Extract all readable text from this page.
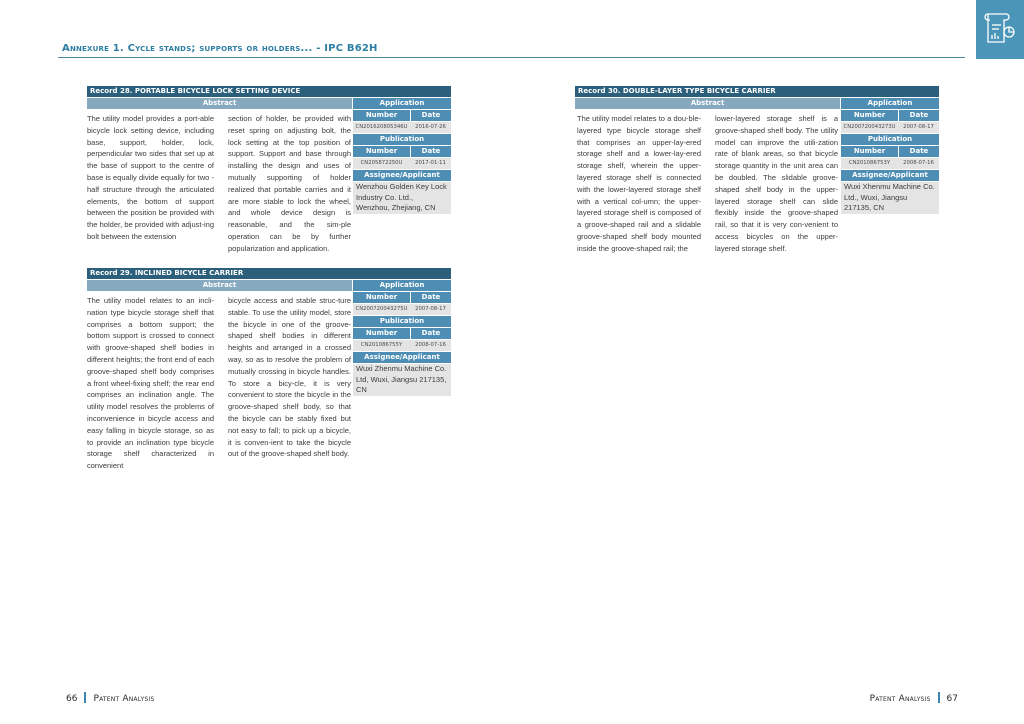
Annexure 1. Cycle stands; supports or holders... - IPC B62H
Record 28. PORTABLE BICYCLE LOCK SETTING DEVICE
Abstract	Application
The utility model provides a port-able bicycle lock setting device, including base, support, holder, lock, perpendicular two sides that set up at the base of support to the centre of base is equally divide equally for two -half structure through the articulated elements, the bottom of support between the position be provided with the holder, be provided with adjust-ing bolt between the extension
section of holder, be provided with reset spring on adjusting bolt, the lock setting at the top position of support. Support and base through installing the design and uses of mutually supporting of holder realized that portable carries and it are more stable to lock the wheel, and whole device design is reasonable, and the sim-ple operation can be by further popularization and application.
Number	Date
CN201620805346U	2016-07-26
Publication
Number	Date
CN205872250U	2017-01-11
Assignee/Applicant
Wenzhou Golden Key Lock Industry Co. Ltd., Wenzhou, Zhejiang, CN
Record 29. INCLINED BICYCLE CARRIER
Abstract	Application
The utility model relates to an incli-nation type bicycle storage shelf that comprises a bottom support; the bottom support is crossed to connect with groove-shaped shelf bodies in different heights; the front end of each groove-shaped shelf body comprises a front wheel-fixing shelf; the rear end comprises an inclination angle. The utility model resolves the problems of inconvenience in bicycle access and easy falling in bicycle storage, so as to provide an inclination type bicycle storage shelf characterized in convenient
bicycle access and stable struc-ture stable. To use the utility model, store the bicycle in one of the groove-shaped shelf bodies in different heights and arranged in a crossed way, so as to resolve the problem of mutually crossing in bicycle handles. To store a bicy-cle, it is very convenient to store the bicycle in the groove-shaped shelf body, so that the bicycle can be stably fixed but not easy to fall; to pick up a bicycle, it is conven-ient to take the bicycle out of the groove-shaped shelf body.
Number	Date
CN200720043275U	2007-08-17
Publication
Number	Date
CN201086755Y	2008-07-16
Assignee/Applicant
Wuxi Zhenmu Machine Co. Ltd, Wuxi, Jiangsu 217135, CN
Record 30. DOUBLE-LAYER TYPE BICYCLE CARRIER
Abstract	Application
The utility model relates to a dou-ble-layered type bicycle storage shelf that comprises an upper-lay-ered storage shelf and a lower-lay-ered storage shelf, wherein the upper-layered storage shelf is connected with the lower-layered storage shelf with a vertical col-umn; the upper-layered storage shelf is composed of a groove-shaped rail and a slidable groove-shaped shelf body mounted inside the groove-shaped rail; the
lower-layered storage shelf is a groove-shaped shelf body. The utility model can improve the utili-zation rate of blank areas, so that bicycle storage quantity in the unit area can be doubled. The slidable groove-shaped shelf body in the upper-layered storage shelf can slide flexibly inside the groove-shaped rail, so that it is very con-venient to access bicycles on the upper-layered storage shelf.
Number	Date
CN200720043273U	2007-08-17
Publication
Number	Date
CN201086753Y	2008-07-16
Assignee/Applicant
Wuxi Xhenmu Machine Co. Ltd., Wuxi, Jiangsu 217135, CN
66 Patent Analysis	Patent Analysis 67
